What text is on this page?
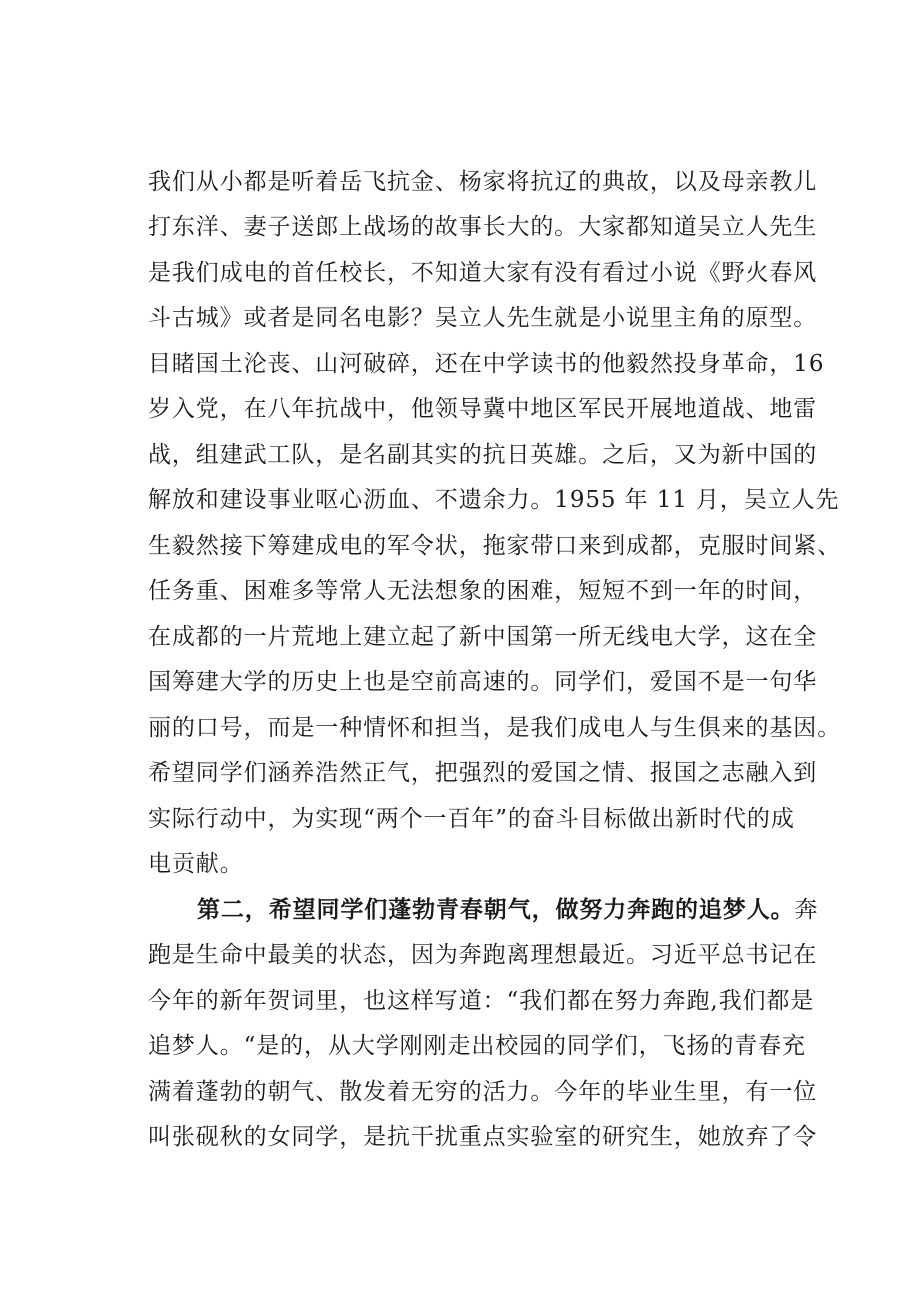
我们从小都是听着岳飞抗金、杨家将抗辽的典故，以及母亲教儿
打东洋、妻子送郎上战场的故事长大的。大家都知道吴立人先生
是我们成电的首任校长，不知道大家有没有看过小说《野火春风
斗古城》或者是同名电影？吴立人先生就是小说里主角的原型。
目睹国土沦丧、山河破碎，还在中学读书的他毅然投身革命，16
岁入党，在八年抗战中，他领导冀中地区军民开展地道战、地雷
战，组建武工队，是名副其实的抗日英雄。之后，又为新中国的
解放和建设事业呕心沥血、不遗余力。1955 年 11 月，吴立人先
生毅然接下筹建成电的军令状，拖家带口来到成都，克服时间紧、
任务重、困难多等常人无法想象的困难，短短不到一年的时间，
在成都的一片荒地上建立起了新中国第一所无线电大学，这在全
国筹建大学的历史上也是空前高速的。同学们，爱国不是一句华
丽的口号，而是一种情怀和担当，是我们成电人与生俱来的基因。
希望同学们涵养浩然正气，把强烈的爱国之情、报国之志融入到
实际行动中，为实现“两个一百年”的奋斗目标做出新时代的成
电贡献。
第二，希望同学们蓬勃青春朝气，做努力奔跑的追梦人。奔
跑是生命中最美的状态，因为奔跑离理想最近。习近平总书记在
今年的新年贺词里，也这样写道：“我们都在努力奔跑,我们都是
追梦人。“是的，从大学刚刚走出校园的同学们，飞扬的青春充
满着蓬勃的朝气、散发着无穷的活力。今年的毕业生里，有一位
叫张砚秋的女同学，是抗干扰重点实验室的研究生，她放弃了令
